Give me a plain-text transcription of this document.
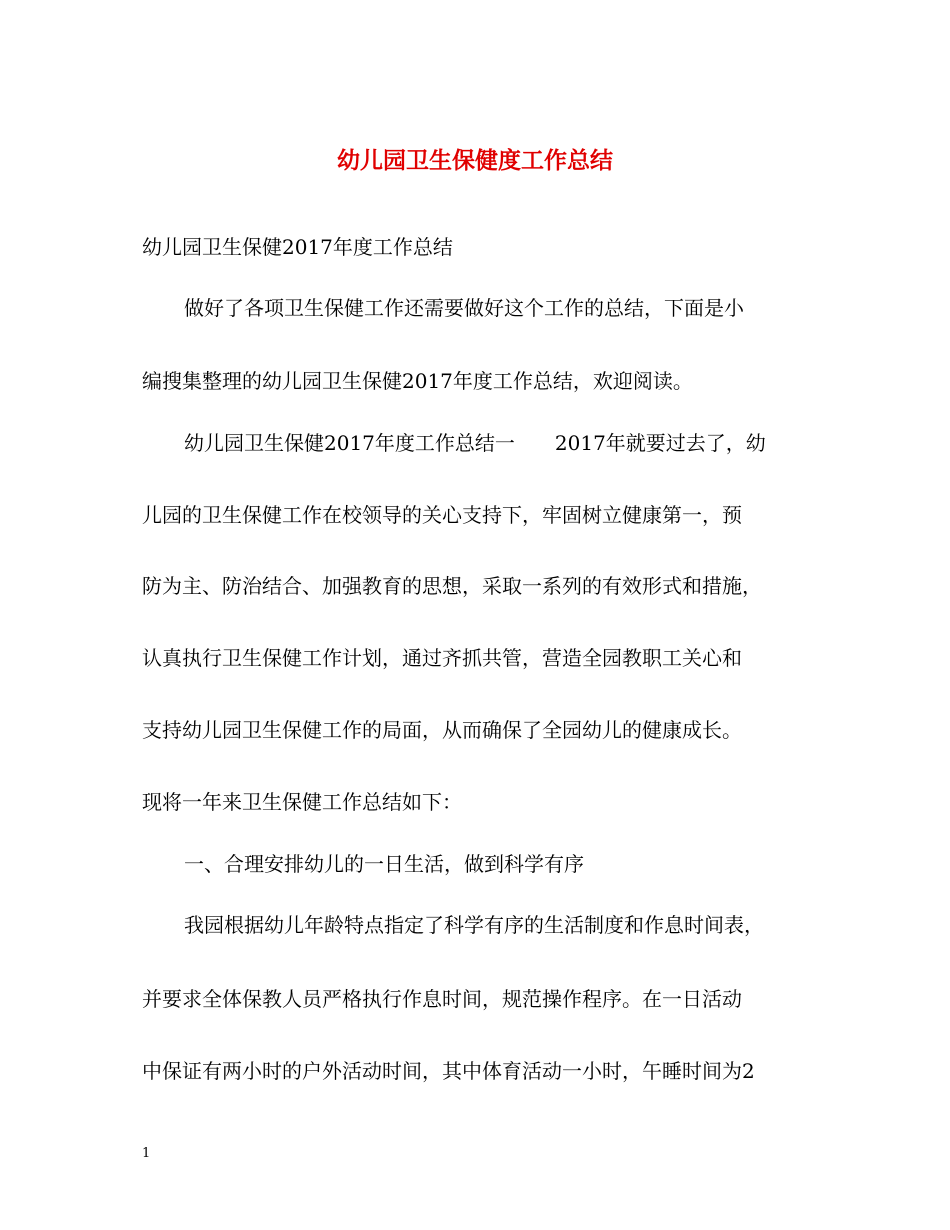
幼儿园卫生保健度工作总结
幼儿园卫生保健2017年度工作总结
做好了各项卫生保健工作还需要做好这个工作的总结，下面是小
编搜集整理的幼儿园卫生保健2017年度工作总结，欢迎阅读。
幼儿园卫生保健2017年度工作总结一　　2017年就要过去了，幼
儿园的卫生保健工作在校领导的关心支持下，牢固树立健康第一，预
防为主、防治结合、加强教育的思想，采取一系列的有效形式和措施，
认真执行卫生保健工作计划，通过齐抓共管，营造全园教职工关心和
支持幼儿园卫生保健工作的局面，从而确保了全园幼儿的健康成长。
现将一年来卫生保健工作总结如下：
一、合理安排幼儿的一日生活，做到科学有序
我园根据幼儿年龄特点指定了科学有序的生活制度和作息时间表，
并要求全体保教人员严格执行作息时间，规范操作程序。在一日活动
中保证有两小时的户外活动时间，其中体育活动一小时，午睡时间为2
1
